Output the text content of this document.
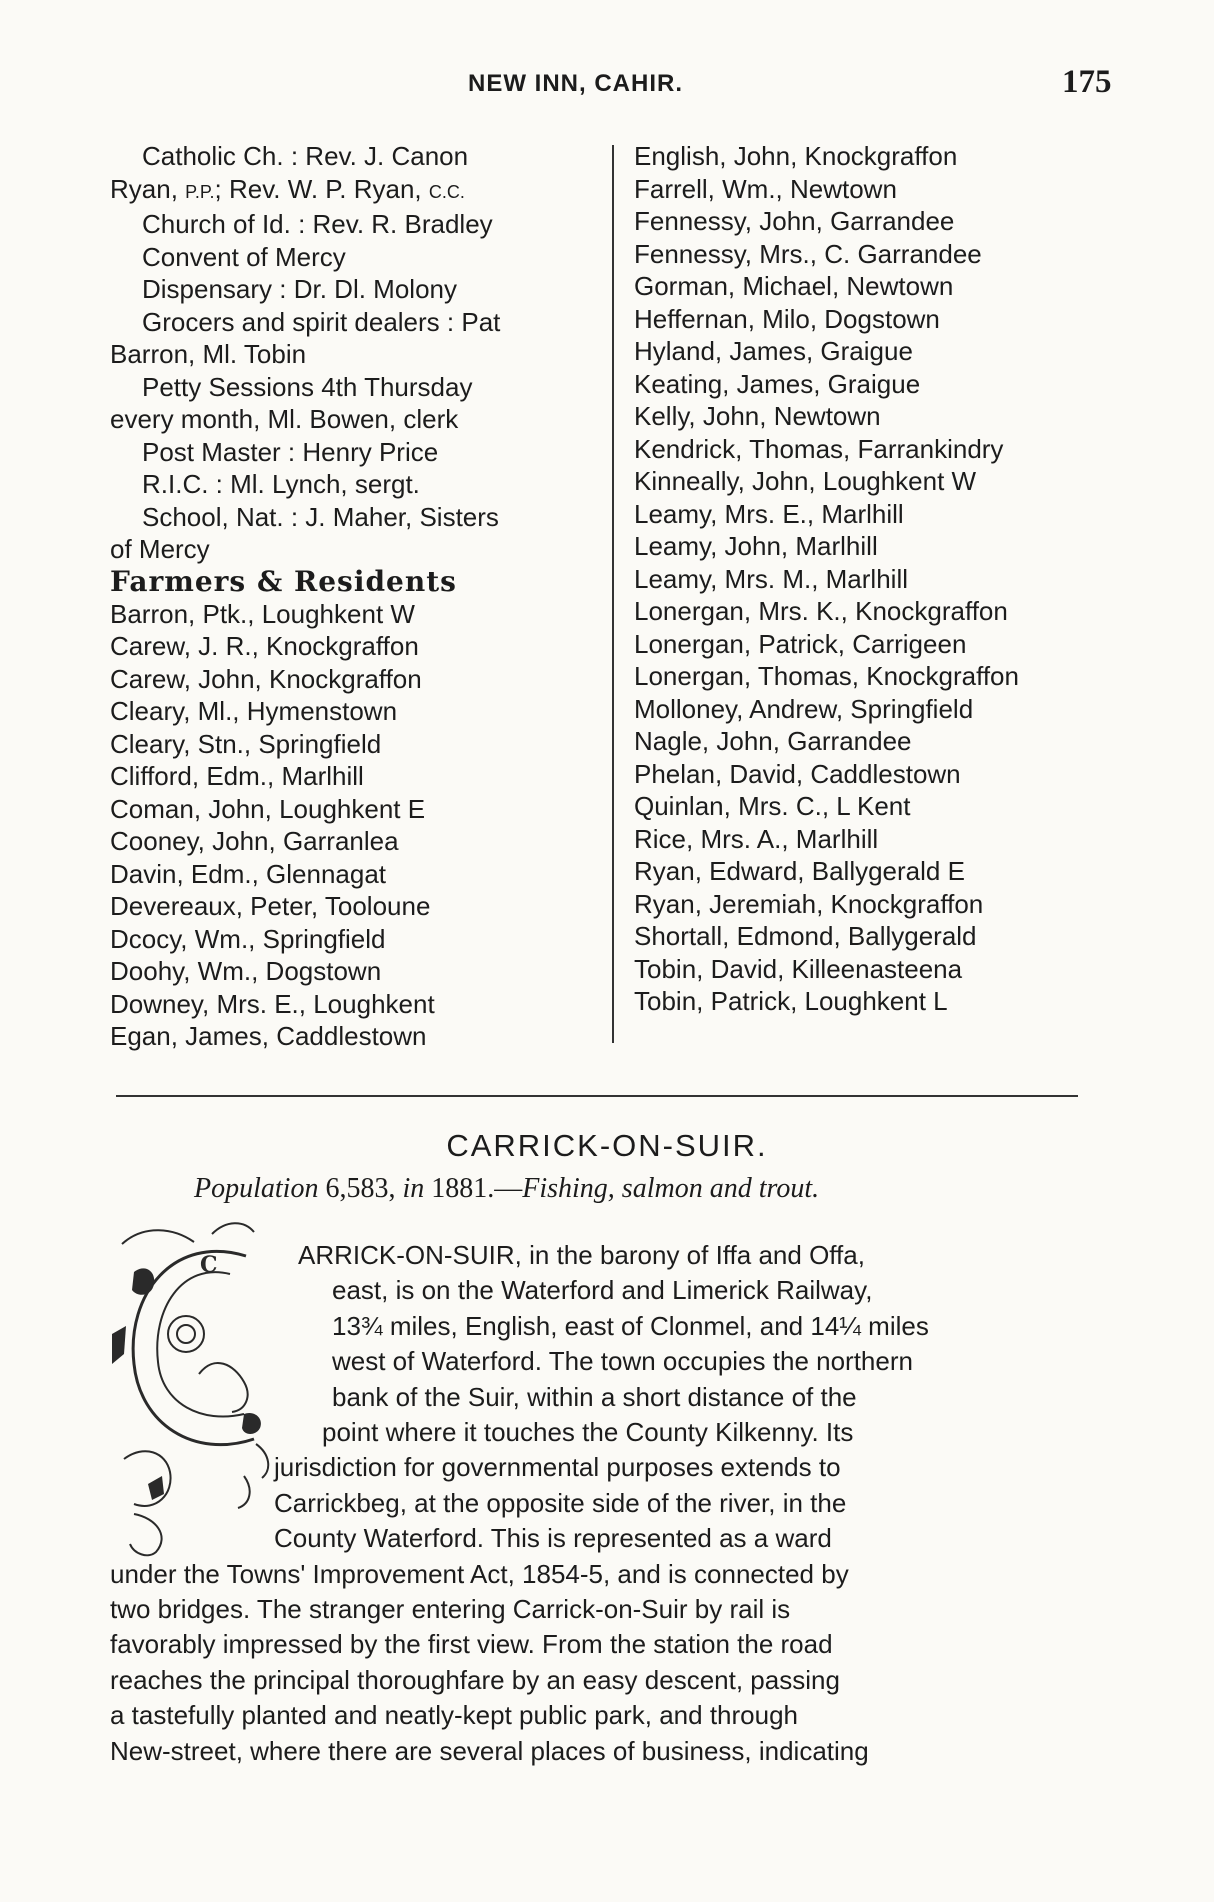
NEW INN, CAHIR.	175
Catholic Ch. : Rev. J. Canon
Ryan, P.P.; Rev. W. P. Ryan, C.C.
Church of Id. : Rev. R. Bradley
Convent of Mercy
Dispensary : Dr. Dl. Molony
Grocers and spirit dealers : Pat
Barron, Ml. Tobin
Petty Sessions 4th Thursday
every month, Ml. Bowen, clerk
Post Master : Henry Price
R.I.C. : Ml. Lynch, sergt.
School, Nat. : J. Maher, Sisters
of Mercy
Farmers & Residents
Barron, Ptk., Loughkent W
Carew, J. R., Knockgraffon
Carew, John, Knockgraffon
Cleary, Ml., Hymenstown
Cleary, Stn., Springfield
Clifford, Edm., Marlhill
Coman, John, Loughkent E
Cooney, John, Garranlea
Davin, Edm., Glennagat
Devereaux, Peter, Tooloune
Dcocy, Wm., Springfield
Doohy, Wm., Dogstown
Downey, Mrs. E., Loughkent
Egan, James, Caddlestown
English, John, Knockgraffon
Farrell, Wm., Newtown
Fennessy, John, Garrandee
Fennessy, Mrs., C. Garrandee
Gorman, Michael, Newtown
Heffernan, Milo, Dogstown
Hyland, James, Graigue
Keating, James, Graigue
Kelly, John, Newtown
Kendrick, Thomas, Farrankindry
Kinneally, John, Loughkent W
Leamy, Mrs. E., Marlhill
Leamy, John, Marlhill
Leamy, Mrs. M., Marlhill
Lonergan, Mrs. K., Knockgraffon
Lonergan, Patrick, Carrigeen
Lonergan, Thomas, Knockgraffon
Molloney, Andrew, Springfield
Nagle, John, Garrandee
Phelan, David, Caddlestown
Quinlan, Mrs. C., L Kent
Rice, Mrs. A., Marlhill
Ryan, Edward, Ballygerald E
Ryan, Jeremiah, Knockgraffon
Shortall, Edmond, Ballygerald
Tobin, David, Killeenasteena
Tobin, Patrick, Loughkent L
CARRICK-ON-SUIR.
Population 6,583, in 1881.—Fishing, salmon and trout.
C	ARRICK-ON-SUIR, in the barony of Iffa and Offa,
east, is on the Waterford and Limerick Railway,
13¾ miles, English, east of Clonmel, and 14¼ miles
west of Waterford. The town occupies the northern
bank of the Suir, within a short distance of the
point where it touches the County Kilkenny. Its
jurisdiction for governmental purposes extends to
Carrickbeg, at the opposite side of the river, in the
County Waterford. This is represented as a ward
under the Towns' Improvement Act, 1854-5, and is connected by
two bridges. The stranger entering Carrick-on-Suir by rail is
favorably impressed by the first view. From the station the road
reaches the principal thoroughfare by an easy descent, passing
a tastefully planted and neatly-kept public park, and through
New-street, where there are several places of business, indicating
